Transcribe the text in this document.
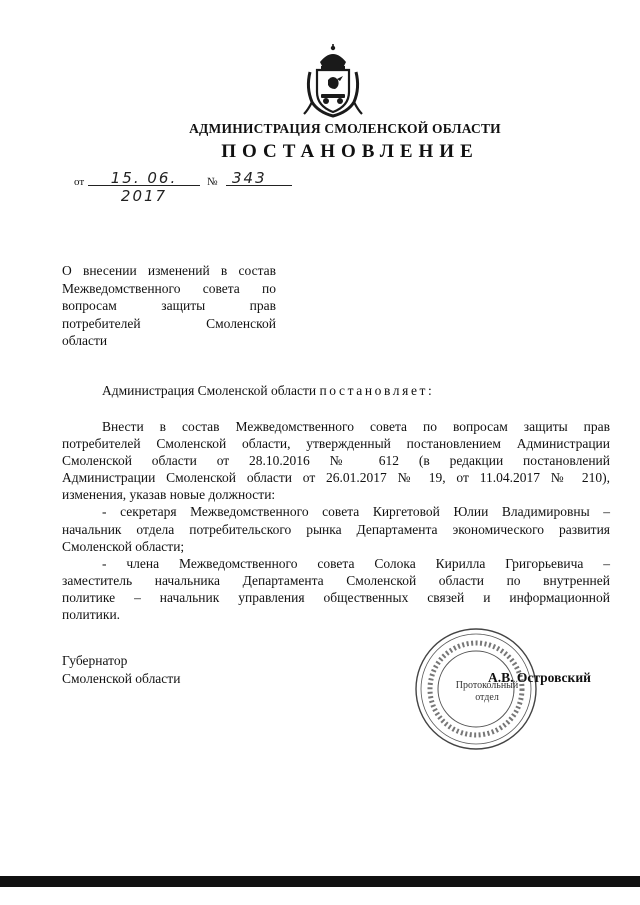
АДМИНИСТРАЦИЯ СМОЛЕНСКОЙ ОБЛАСТИ
ПОСТАНОВЛЕНИЕ
от	15. 06. 2017
№ 343
О внесении изменений в состав
Межведомственного совета по
вопросам защиты прав
потребителей Смоленской
области
Администрация Смоленской области постановляет:
Внести в состав Межведомственного совета по вопросам защиты прав
потребителей Смоленской области, утвержденный постановлением Администрации
Смоленской области от 28.10.2016 № 612 (в редакции постановлений
Администрации Смоленской области от 26.01.2017 № 19, от 11.04.2017 № 210),
изменения, указав новые должности:
- секретаря Межведомственного совета Киргетовой Юлии Владимировны –
начальник отдела потребительского рынка Департамента экономического развития
Смоленской области;
- члена Межведомственного совета Солока Кирилла Григорьевича –
заместитель начальника Департамента Смоленской области по внутренней
политике – начальник управления общественных связей и информационной
политики.
Губернатор
Смоленской области	Протокольный
отдел
А.В. Островский
